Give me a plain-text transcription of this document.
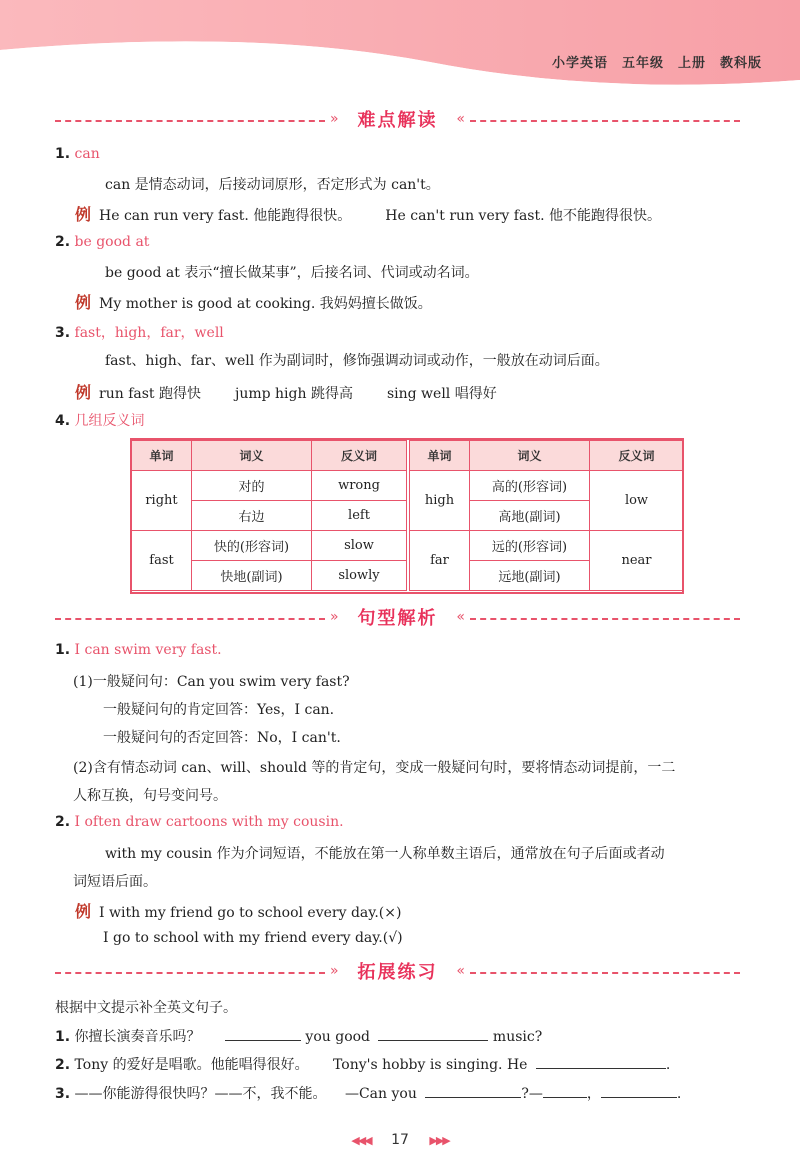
小学英语 五年级 上册 教科版
»	«
难点解读
1. can
can 是情态动词，后接动词原形，否定形式为 can't。
例 He can run very fast. 他能跑得很快。 He can't run very fast. 他不能跑得很快。
2. be good at
be good at 表示“擅长做某事”，后接名词、代词或动名词。
例 My mother is good at cooking. 我妈妈擅长做饭。
3. fast，high，far，well
fast、high、far、well 作为副词时，修饰强调动词或动作，一般放在动词后面。
例 run fast 跑得快 jump high 跳得高 sing well 唱得好
4. 几组反义词
单词	词义	反义词
right	对的	wrong
	右边	left
fast	快的(形容词)	slow
	快地(副词)	slowly
单词	词义	反义词
high	高的(形容词)	low
	高地(副词)	
far	远的(形容词)	near
	远地(副词)	
»	«
句型解析
1. I can swim very fast.
(1)一般疑问句：Can you swim very fast?
一般疑问句的肯定回答：Yes，I can.
一般疑问句的否定回答：No，I can't.
(2)含有情态动词 can、will、should 等的肯定句，变成一般疑问句时，要将情态动词提前，一二
人称互换，句号变问号。
2. I often draw cartoons with my cousin.
with my cousin 作为介词短语，不能放在第一人称单数主语后，通常放在句子后面或者动
词短语后面。
例 I with my friend go to school every day.(×)
I go to school with my friend every day.(√)
»	«
拓展练习
根据中文提示补全英文句子。
1. 你擅长演奏音乐吗？	you good	music?
2. Tony 的爱好是唱歌。他能唱得很好。 Tony's hobby is singing. He	.
3. ——你能游得很快吗？——不，我不能。 —Can you	?—	，	.
◀◀◀ 17 ▶▶▶
